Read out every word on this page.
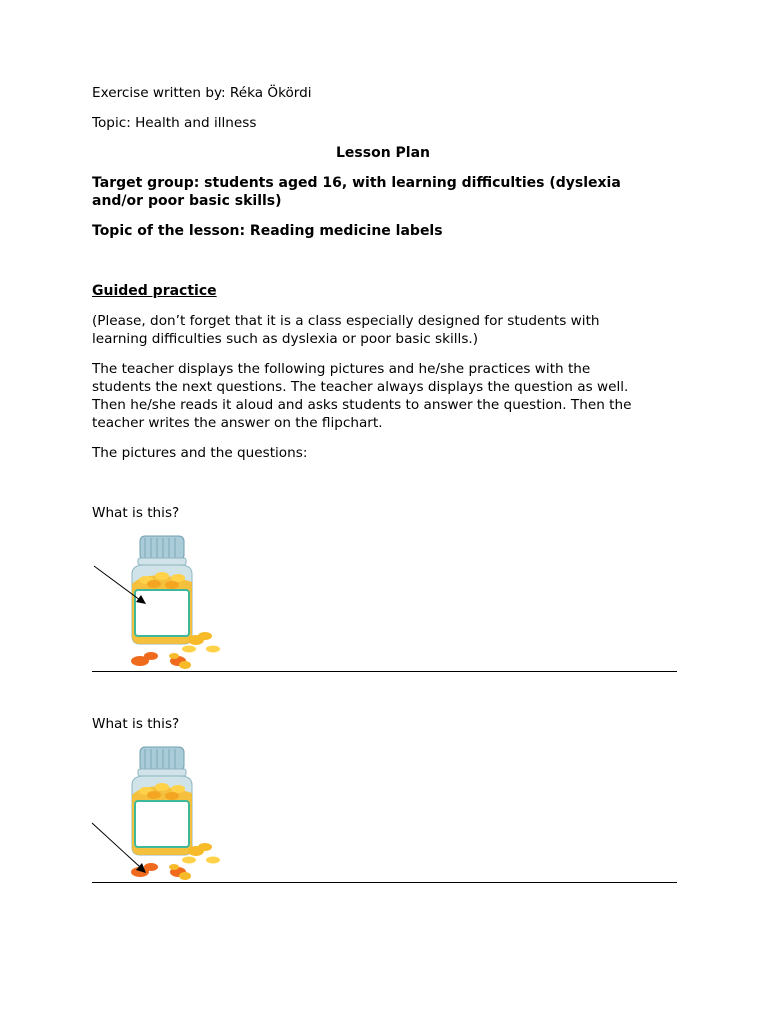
Exercise written by: Réka Ökördi
Topic: Health and illness
Lesson Plan
Target group: students aged 16, with learning difficulties (dyslexia
and/or poor basic skills)
Topic of the lesson: Reading medicine labels
Guided practice
(Please, don’t forget that it is a class especially designed for students with
learning difficulties such as dyslexia or poor basic skills.)
The teacher displays the following pictures and he/she practices with the
students the next questions. The teacher always displays the question as well.
Then he/she reads it aloud and asks students to answer the question. Then the
teacher writes the answer on the flipchart.
The pictures and the questions:
What is this?
What is this?
